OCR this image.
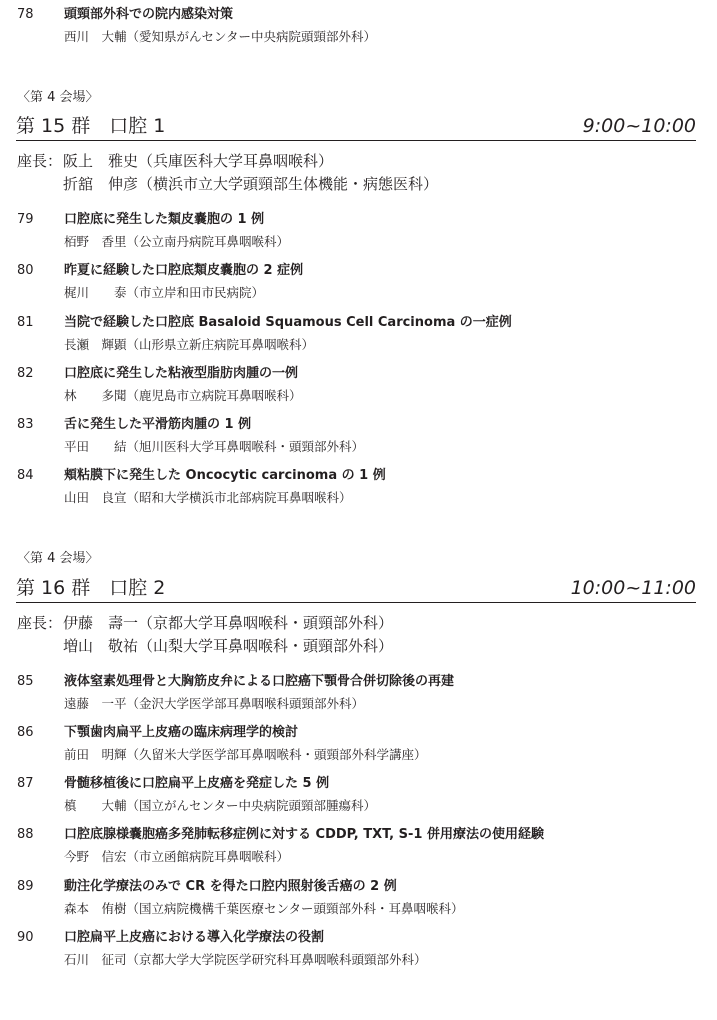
78 頭頸部外科での院内感染対策
西川　大輔（愛知県がんセンター中央病院頭頸部外科）
〈第 4 会場〉
第 15 群　口腔 1	9:00~10:00
座長： 阪上　雅史（兵庫医科大学耳鼻咽喉科）
折舘　伸彦（横浜市立大学頭頸部生体機能・病態医科）
79 口腔底に発生した類皮嚢胞の 1 例
栢野　香里（公立南丹病院耳鼻咽喉科）
80 昨夏に経験した口腔底類皮嚢胞の 2 症例
梶川　　泰（市立岸和田市民病院）
81 当院で経験した口腔底 Basaloid Squamous Cell Carcinoma の一症例
長瀬　輝顕（山形県立新庄病院耳鼻咽喉科）
82 口腔底に発生した粘液型脂肪肉腫の一例
林　　多聞（鹿児島市立病院耳鼻咽喉科）
83 舌に発生した平滑筋肉腫の 1 例
平田　　結（旭川医科大学耳鼻咽喉科・頭頸部外科）
84 頬粘膜下に発生した Oncocytic carcinoma の 1 例
山田　良宣（昭和大学横浜市北部病院耳鼻咽喉科）
〈第 4 会場〉
第 16 群　口腔 2	10:00~11:00
座長： 伊藤　壽一（京都大学耳鼻咽喉科・頭頸部外科）
増山　敬祐（山梨大学耳鼻咽喉科・頭頸部外科）
85 液体窒素処理骨と大胸筋皮弁による口腔癌下顎骨合併切除後の再建
遠藤　一平（金沢大学医学部耳鼻咽喉科頭頸部外科）
86 下顎歯肉扁平上皮癌の臨床病理学的検討
前田　明輝（久留米大学医学部耳鼻咽喉科・頭頸部外科学講座）
87 骨髄移植後に口腔扁平上皮癌を発症した 5 例
槙　　大輔（国立がんセンター中央病院頭頸部腫瘍科）
88 口腔底腺様嚢胞癌多発肺転移症例に対する CDDP, TXT, S-1 併用療法の使用経験
今野　信宏（市立函館病院耳鼻咽喉科）
89 動注化学療法のみで CR を得た口腔内照射後舌癌の 2 例
森本　侑樹（国立病院機構千葉医療センター頭頸部外科・耳鼻咽喉科）
90 口腔扁平上皮癌における導入化学療法の役割
石川　征司（京都大学大学院医学研究科耳鼻咽喉科頭頸部外科）
